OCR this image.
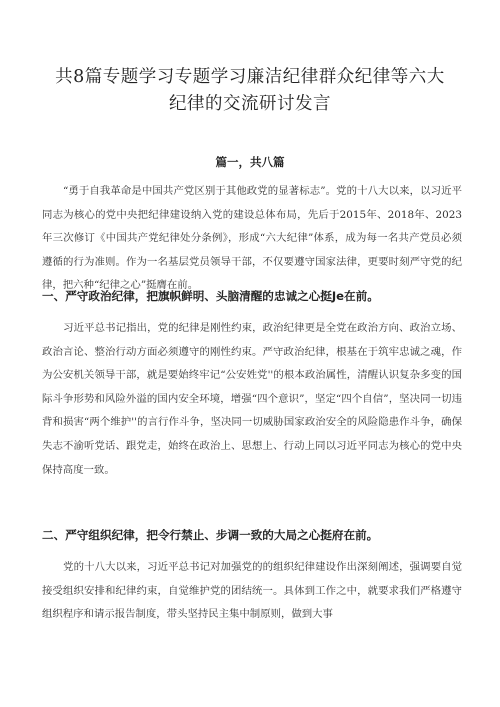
共8篇专题学习专题学习廉洁纪律群众纪律等六大
纪律的交流研讨发言
篇一，共八篇

“勇于自我革命是中国共产党区别于其他政党的显著标志”。党的十八大以来，以习近平同志为核心的党中央把纪律建设纳入党的建设总体布局，先后于2015年、2018年、2023年三次修订《中国共产党纪律处分条例》，形成“六大纪律”体系，成为每一名共产党员必须遵循的行为准则。作为一名基层党员领导干部，不仅要遵守国家法律，更要时刻严守党的纪律，把六种“纪律之心”挺膺在前。

一、严守政治纪律，把旗帜鲜明、头脑清醒的忠诚之心挺Je在前。

习近平总书记指出，党的纪律是刚性约束，政治纪律更是全党在政治方向、政治立场、政治言论、整治行动方面必须遵守的刚性约束。严守政治纪律，根基在于筑牢忠诚之魂，作为公安机关领导干部，就是要始终牢记“公安姓党''的根本政治属性，清醒认识复杂多变的国际斗争形势和风险外溢的国内安全环境，增强“四个意识”，坚定“四个自信”，坚决同一切违背和损害“两个维护''的言行作斗争，坚决同一切威胁国家政治安全的风险隐患作斗争，确保失志不渝听党话、跟党走，始终在政治上、思想上、行动上同以习近平同志为核心的党中央保持高度一致。

二、严守组织纪律，把令行禁止、步调一致的大局之心挺府在前。

党的十八大以来，习近平总书记对加强党的的组织纪律建设作出深刻阐述，强调要自觉接受组织安排和纪律约束，自觉维护党的团结统一。具体到工作之中，就要求我们严格遵守组织程序和请示报告制度，带头坚持民主集中制原则，做到大事
